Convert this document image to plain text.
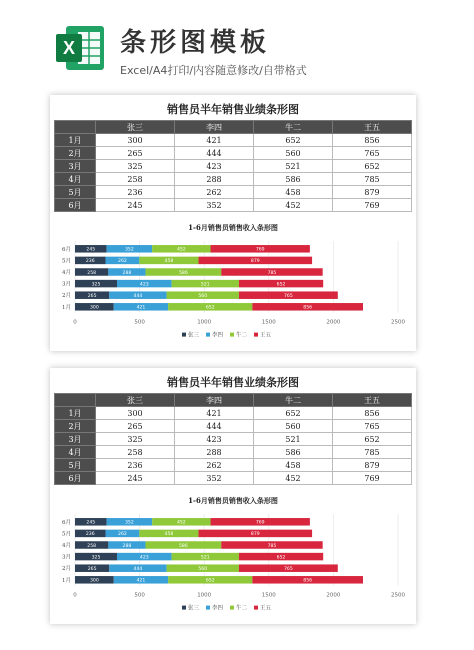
X 条形图模板
Excel/A4打印/内容随意修改/自带格式
销售员半年销售业绩条形图
	张三	李四	牛二	王五
1月	300	421	652	856
2月	265	444	560	765
3月	325	423	521	652
4月	258	288	586	785
5月	236	262	458	879
6月	245	352	452	769
1-6月销售员销售收入条形图
1月	300	421	652	856
2月	265	444	560	765
3月	325	423	521	652
4月	258	288	586	785
5月	236	262	458	879
6月	245	352	452	769
0	500	1000	1500	2000	2500
张三 李四 牛二 王五
销售员半年销售业绩条形图
	张三	李四	牛二	王五
1月	300	421	652	856
2月	265	444	560	765
3月	325	423	521	652
4月	258	288	586	785
5月	236	262	458	879
6月	245	352	452	769
1-6月销售员销售收入条形图
1月	300	421	652	856
2月	265	444	560	765
3月	325	423	521	652
4月	258	288	586	785
5月	236	262	458	879
6月	245	352	452	769
0	500	1000	1500	2000	2500
张三 李四 牛二 王五
